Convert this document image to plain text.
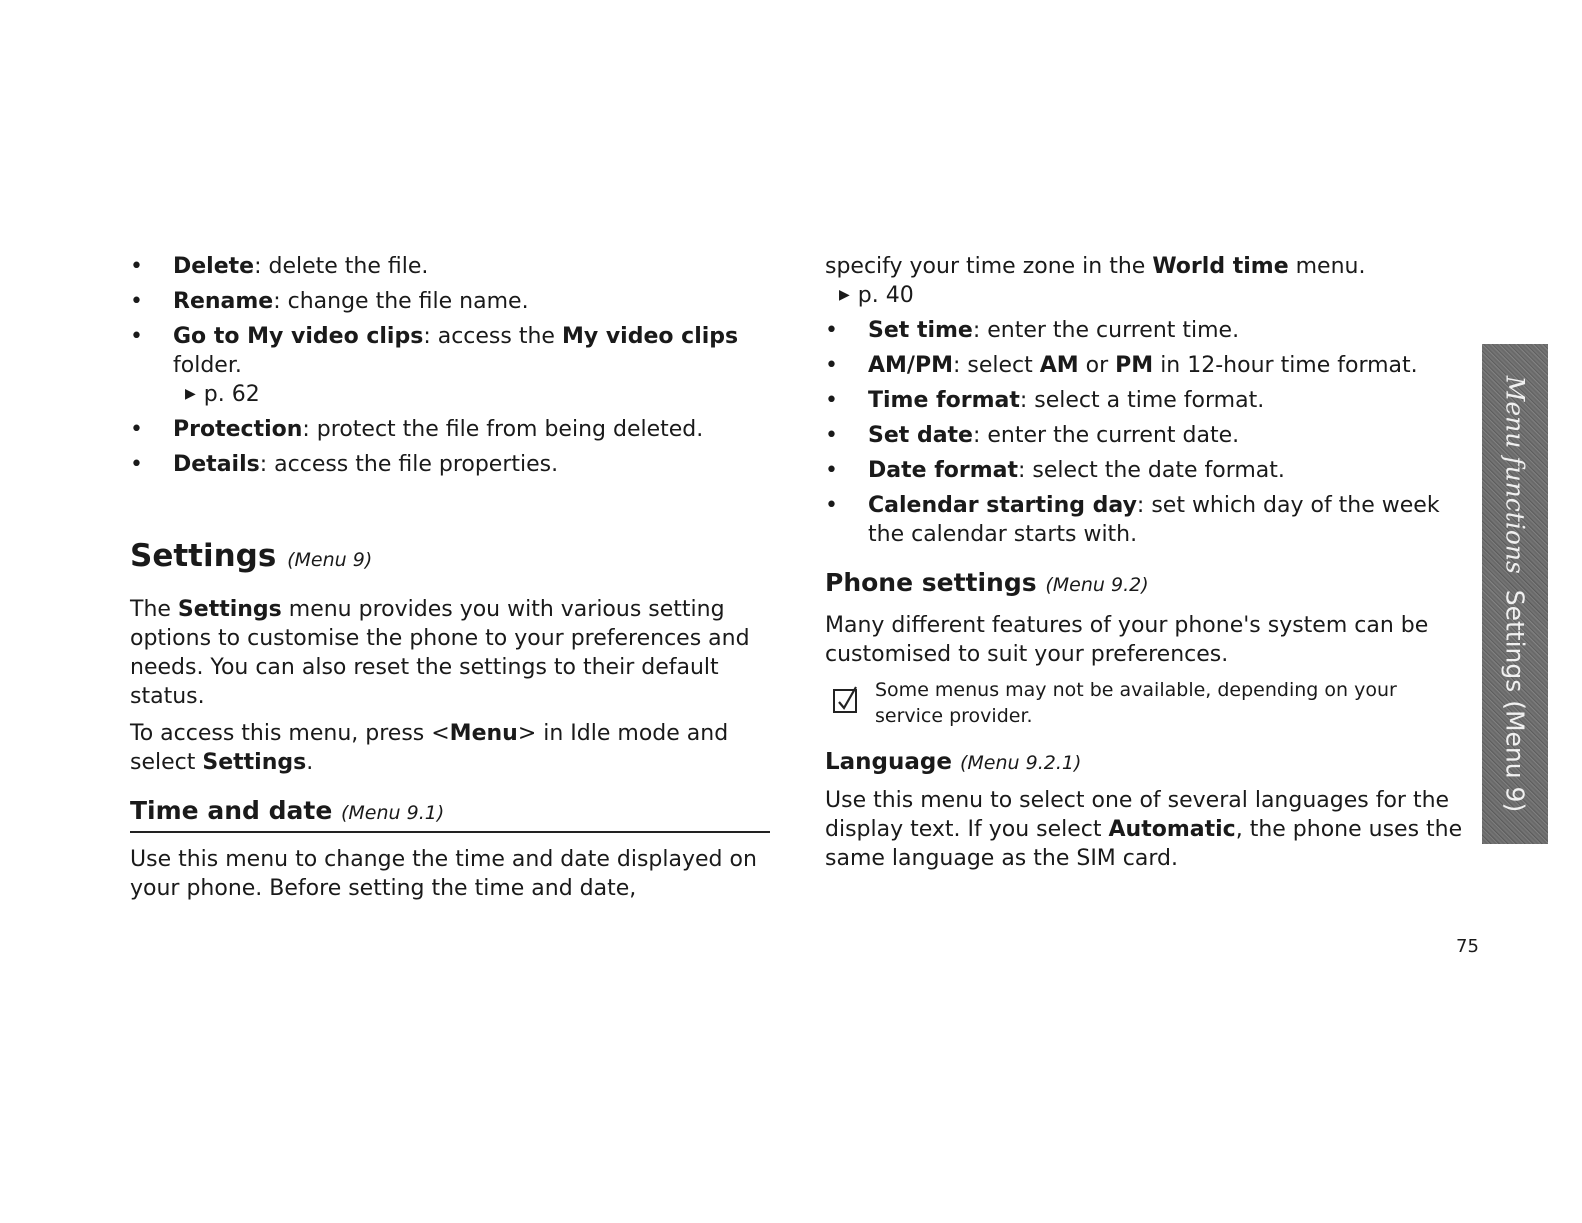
• Delete: delete the file.
• Rename: change the file name.
• Go to My video clips: access the My video clips folder.
▶ p. 62
• Protection: protect the file from being deleted.
• Details: access the file properties.
Settings (Menu 9)

The Settings menu provides you with various setting options to customise the phone to your preferences and needs. You can also reset the settings to their default status.

To access this menu, press <Menu> in Idle mode and select Settings.

Time and date (Menu 9.1)

Use this menu to change the time and date displayed on your phone. Before setting the time and date,

specify your time zone in the World time menu.

▶ p. 40
• Set time: enter the current time.
• AM/PM: select AM or PM in 12-hour time format.
• Time format: select a time format.
• Set date: enter the current date.
• Date format: select the date format.
• Calendar starting day: set which day of the week the calendar starts with.
Phone settings (Menu 9.2)

Many different features of your phone's system can be customised to suit your preferences.

Some menus may not be available, depending on your service provider.
Language (Menu 9.2.1)

Use this menu to select one of several languages for the display text. If you select Automatic, the phone uses the same language as the SIM card.

Menu functions  Settings (Menu 9)
75
